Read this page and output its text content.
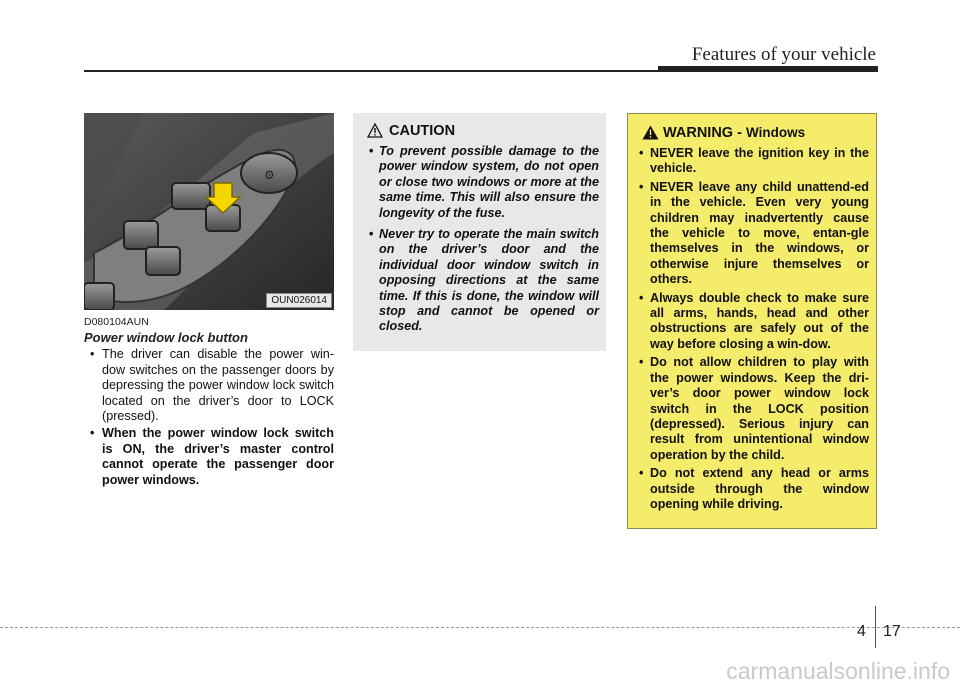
Features of your vehicle
⚙
OUN026014
D080104AUN
Power window lock button
• The driver can disable the power win-dow switches on the passenger doors by depressing the power window lock switch located on the driver’s door to LOCK (pressed).
• When the power window lock switch is ON, the driver’s master control cannot operate the passenger door power windows.
CAUTION
• To prevent possible damage to the power window system, do not open or close two windows or more at the same time. This will also ensure the longevity of the fuse.
• Never try to operate the main switch on the driver’s door and the individual door window switch in opposing directions at the same time. If this is done, the window will stop and cannot be opened or closed.
WARNING - Windows
• NEVER leave the ignition key in the vehicle.
• NEVER leave any child unattend-ed in the vehicle. Even very young children may inadvertently cause the vehicle to move, entan-gle themselves in the windows, or otherwise injure themselves or others.
• Always double check to make sure all arms, hands, head and other obstructions are safely out of the way before closing a win-dow.
• Do not allow children to play with the power windows. Keep the dri-ver’s door power window lock switch in the LOCK position (depressed). Serious injury can result from unintentional window operation by the child.
• Do not extend any head or arms outside through the window opening while driving.
4 17
carmanualsonline.info
